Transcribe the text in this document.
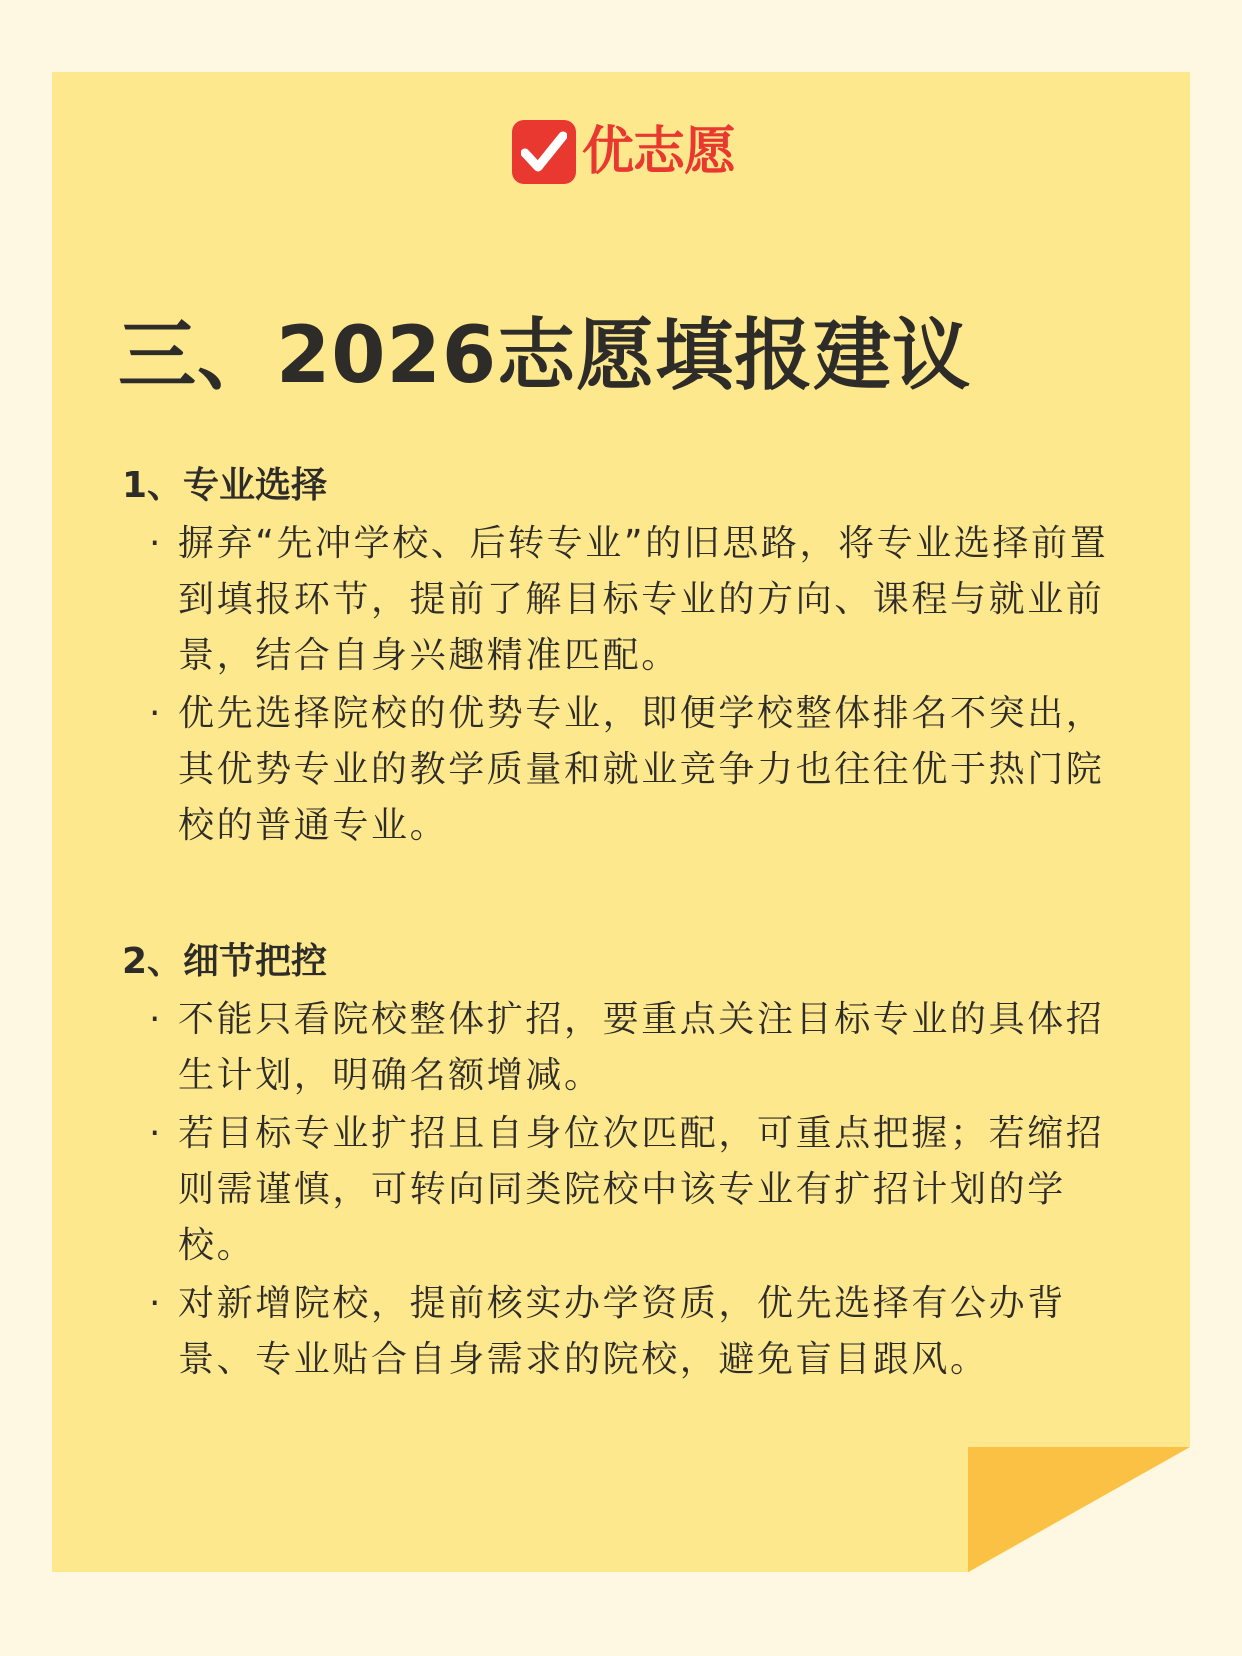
优志愿
三、2026志愿填报建议
1、专业选择
· 摒弃“先冲学校、后转专业”的旧思路，将专业选择前置到填报环节，提前了解目标专业的方向、课程与就业前景，结合自身兴趣精准匹配。
· 优先选择院校的优势专业，即便学校整体排名不突出，其优势专业的教学质量和就业竞争力也往往优于热门院校的普通专业。
2、细节把控
· 不能只看院校整体扩招，要重点关注目标专业的具体招生计划，明确名额增减。
· 若目标专业扩招且自身位次匹配，可重点把握；若缩招则需谨慎，可转向同类院校中该专业有扩招计划的学校。
· 对新增院校，提前核实办学资质，优先选择有公办背景、专业贴合自身需求的院校，避免盲目跟风。
